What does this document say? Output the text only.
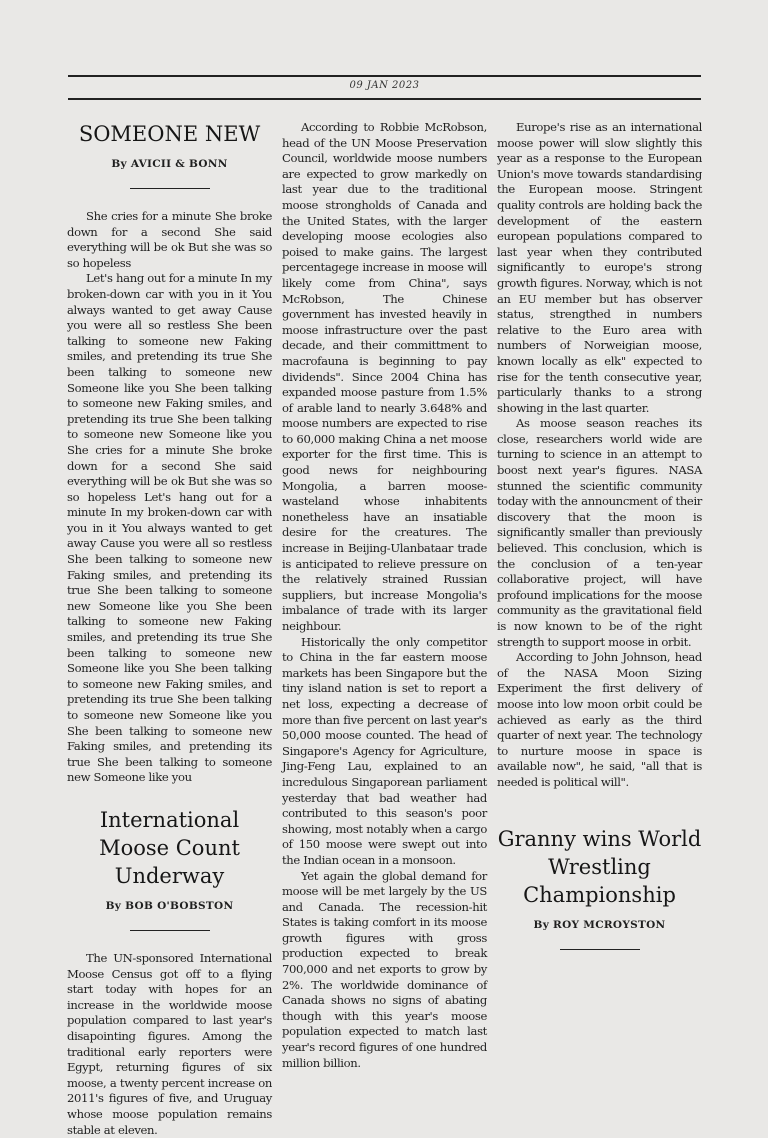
09 JAN 2023
SOMEONE NEW
By AVICII & BONN

She cries for a minute She broke down for a second She said everything will be ok But she was so so hopeless

Let's hang out for a minute In my broken-down car with you in it You always wanted to get away Cause you were all so restless She been talking to someone new Faking smiles, and pretending its true She been talking to someone new Someone like you She been talking to someone new Faking smiles, and pretending its true She been talking to someone new Someone like you She cries for a minute She broke down for a second She said everything will be ok But she was so so hopeless Let's hang out for a minute In my broken-down car with you in it You always wanted to get away Cause you were all so restless She been talking to someone new Faking smiles, and pretending its true She been talking to someone new Someone like you She been talking to someone new Faking smiles, and pretending its true She been talking to someone new Someone like you She been talking to someone new Faking smiles, and pretending its true She been talking to someone new Someone like you She been talking to someone new Faking smiles, and pretending its true She been talking to someone new Someone like you

International Moose Count Underway
By BOB O'BOBSTON

The UN-sponsored International Moose Census got off to a flying start today with hopes for an increase in the worldwide moose population compared to last year's disapointing figures. Among the traditional early reporters were Egypt, returning figures of six moose, a twenty percent increase on 2011's figures of five, and Uruguay whose moose population remains stable at eleven.

According to Robbie McRobson, head of the UN Moose Preservation Council, worldwide moose numbers are expected to grow markedly on last year due to the traditional moose strongholds of Canada and the United States, with the larger developing moose ecologies also poised to make gains. The largest percentagege increase in moose will likely come from China", says McRobson, The Chinese government has invested heavily in moose infrastructure over the past decade, and their committment to macrofauna is beginning to pay dividends". Since 2004 China has expanded moose pasture from 1.5% of arable land to nearly 3.648% and moose numbers are expected to rise to 60,000 making China a net moose exporter for the first time. This is good news for neighbouring Mongolia, a barren moose-wasteland whose inhabitents nonetheless have an insatiable desire for the creatures. The increase in Beijing-Ulanbataar trade is anticipated to relieve pressure on the relatively strained Russian suppliers, but increase Mongolia's imbalance of trade with its larger neighbour.

Historically the only competitor to China in the far eastern moose markets has been Singapore but the tiny island nation is set to report a net loss, expecting a decrease of more than five percent on last year's 50,000 moose counted. The head of Singapore's Agency for Agriculture, Jing-Feng Lau, explained to an incredulous Singaporean parliament yesterday that bad weather had contributed to this season's poor showing, most notably when a cargo of 150 moose were swept out into the Indian ocean in a monsoon.

Yet again the global demand for moose will be met largely by the US and Canada. The recession-hit States is taking comfort in its moose growth figures with gross production expected to break 700,000 and net exports to grow by 2%. The worldwide dominance of Canada shows no signs of abating though with this year's moose population expected to match last year's record figures of one hundred million billion.

Europe's rise as an international moose power will slow slightly this year as a response to the European Union's move towards standardising the European moose. Stringent quality controls are holding back the development of the eastern european populations compared to last year when they contributed significantly to europe's strong growth figures. Norway, which is not an EU member but has observer status, strengthed in numbers relative to the Euro area with numbers of Norweigian moose, known locally as elk" expected to rise for the tenth consecutive year, particularly thanks to a strong showing in the last quarter.

As moose season reaches its close, researchers world wide are turning to science in an attempt to boost next year's figures. NASA stunned the scientific community today with the announcment of their discovery that the moon is significantly smaller than previously believed. This conclusion, which is the conclusion of a ten-year collaborative project, will have profound implications for the moose community as the gravitational field is now known to be of the right strength to support moose in orbit.

According to John Johnson, head of the NASA Moon Sizing Experiment the first delivery of moose into low moon orbit could be achieved as early as the third quarter of next year. The technology to nurture moose in space is available now", he said, "all that is needed is political will".

Granny wins World Wrestling Championship
By ROY MCROYSTON
